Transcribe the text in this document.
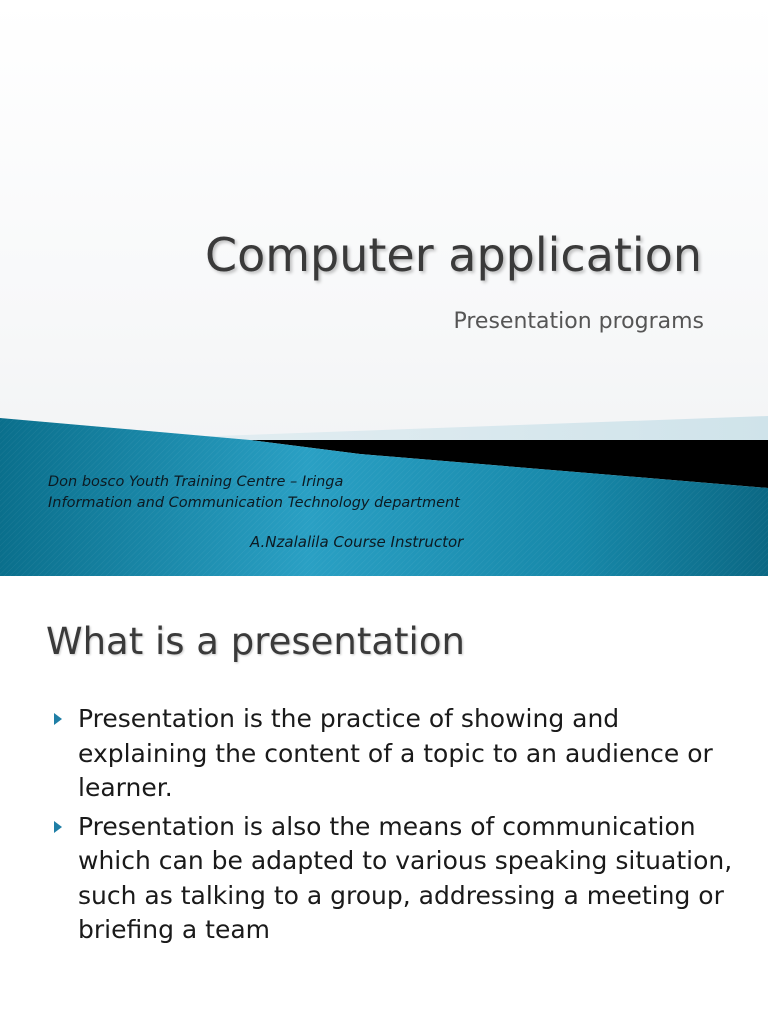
Computer application

Presentation programs

Don bosco Youth Training Centre – Iringa
Information and Communication Technology department
A.Nzalalila Course Instructor
What is a presentation
Presentation is the practice of showing and explaining the content of a topic to an audience or learner.
Presentation is also the means of communication which can be adapted to various speaking situation, such as talking to a group, addressing a meeting or briefing a team
